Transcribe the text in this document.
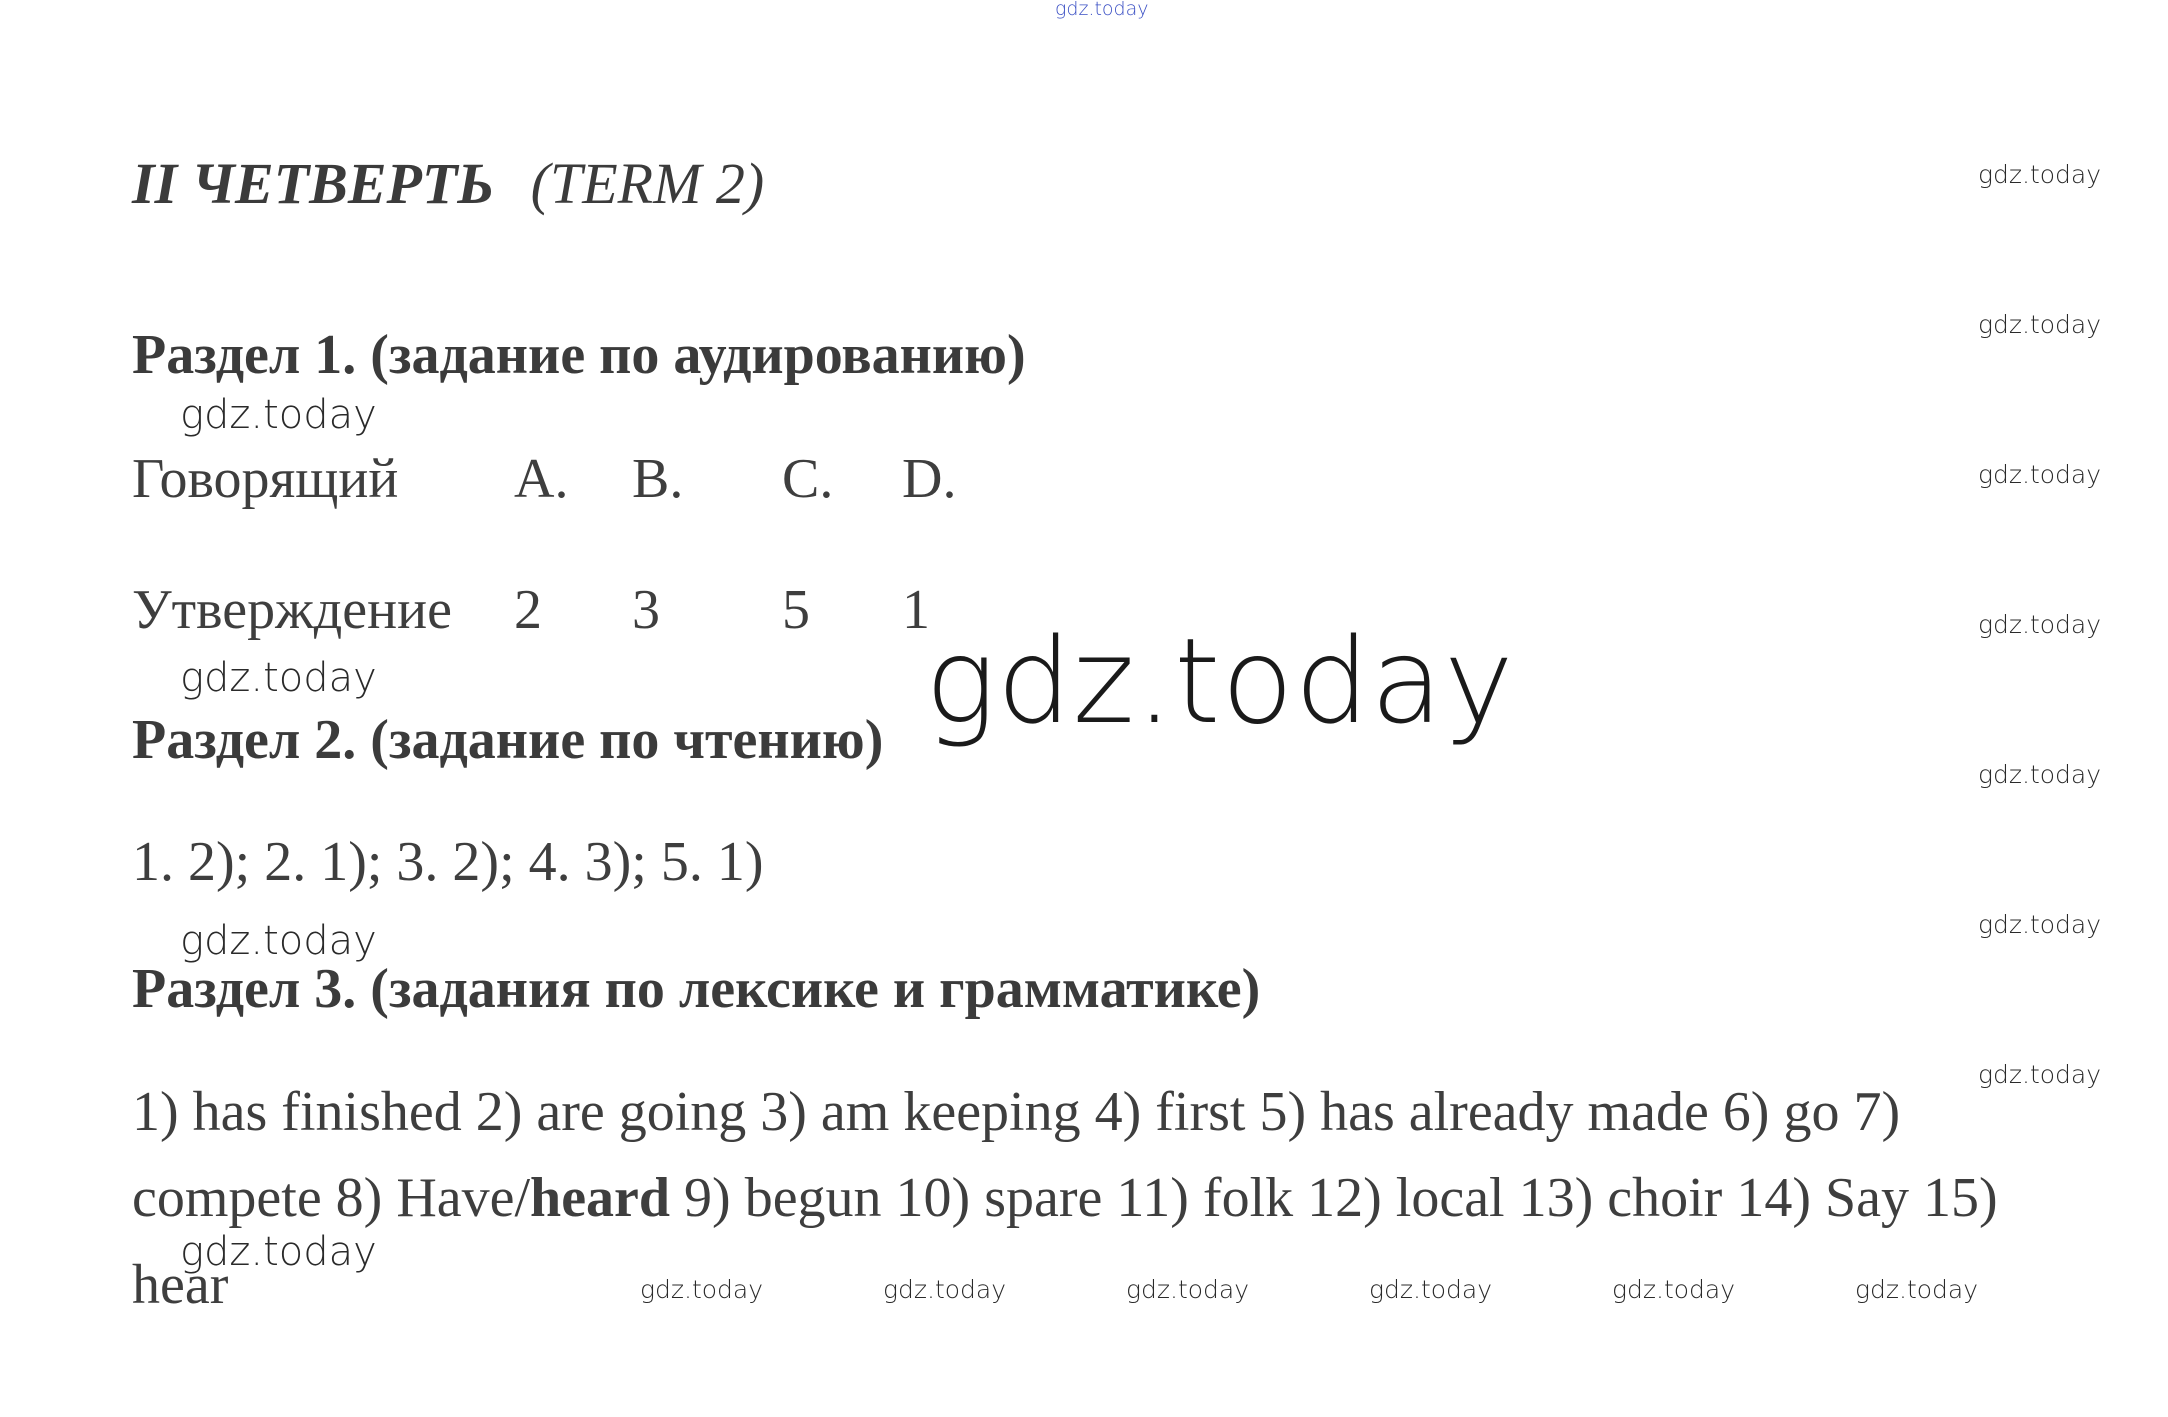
gdz.today
II ЧЕТВЕРТЬ (TERM 2)
Раздел 1. (задание по аудированию)
Говорящий A. B. C. D.
Утверждение 2 3 5 1
Раздел 2. (задание по чтению)
1. 2); 2. 1); 3. 2); 4. 3); 5. 1)
Раздел 3. (задания по лексике и грамматике)
1) has finished 2) are going 3) am keeping 4) first 5) has already made 6) go 7)
compete 8) Have/heard 9) begun 10) spare 11) folk 12) local 13) choir 14) Say 15)
hear
gdz.today
gdz.today
gdz.today
gdz.today
gdz.today
gdz.today
gdz.today
gdz.today
gdz.today
gdz.today
gdz.today
gdz.today	gdz.today	gdz.today	gdz.today	gdz.today	gdz.today
gdz.today
